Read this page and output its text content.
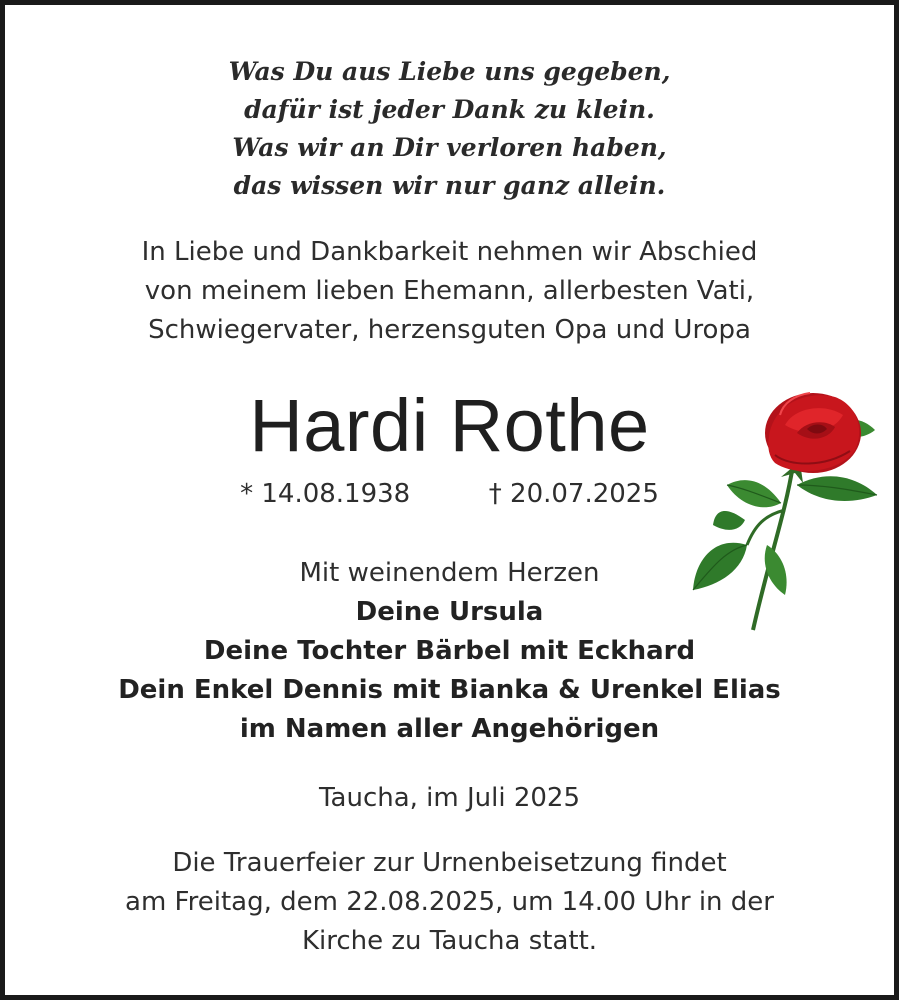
Was Du aus Liebe uns gegeben,
dafür ist jeder Dank zu klein.
Was wir an Dir verloren haben,
das wissen wir nur ganz allein.
In Liebe und Dankbarkeit nehmen wir Abschied
von meinem lieben Ehemann, allerbesten Vati,
Schwiegervater, herzensguten Opa und Uropa
Hardi Rothe
* 14.08.1938	† 20.07.2025
Mit weinendem Herzen
Deine Ursula
Deine Tochter Bärbel mit Eckhard
Dein Enkel Dennis mit Bianka & Urenkel Elias
im Namen aller Angehörigen
Taucha, im Juli 2025
Die Trauerfeier zur Urnenbeisetzung findet
am Freitag, dem 22.08.2025, um 14.00 Uhr in der
Kirche zu Taucha statt.
